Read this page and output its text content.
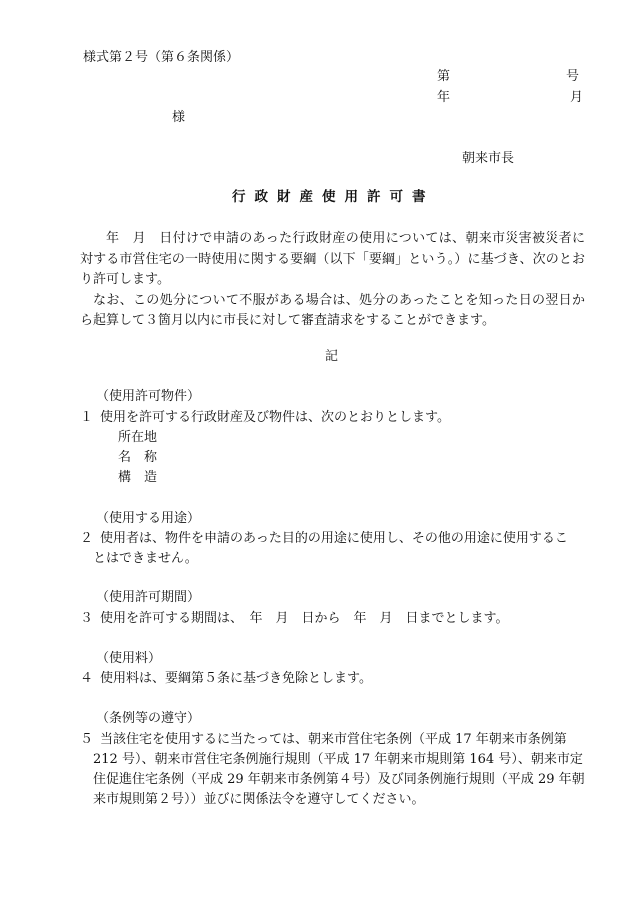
様式第２号（第６条関係）
第	号
年	月
様
朝来市長
行政財産使用許可書

年　月　日付けで申請のあった行政財産の使用については、朝来市災害被災者に対する市営住宅の一時使用に関する要綱（以下「要綱」という。）に基づき、次のとおり許可します。

なお、この処分について不服がある場合は、処分のあったことを知った日の翌日から起算して３箇月以内に市長に対して審査請求をすることができます。

記
（使用許可物件）
１ 使用を許可する行政財産及び物件は、次のとおりとします。
所在地
名　称
構　造
（使用する用途）
２ 使用者は、物件を申請のあった目的の用途に使用し、その他の用途に使用するこ
とはできません。
（使用許可期間）
３ 使用を許可する期間は、　年　月　日から　年　月　日までとします。
（使用料）
４ 使用料は、要綱第５条に基づき免除とします。
（条例等の遵守）
５ 当該住宅を使用するに当たっては、朝来市営住宅条例（平成 17 年朝来市条例第
212 号）、朝来市営住宅条例施行規則（平成 17 年朝来市規則第 164 号）、朝来市定
住促進住宅条例（平成 29 年朝来市条例第４号）及び同条例施行規則（平成 29 年朝
来市規則第２号））並びに関係法令を遵守してください。
